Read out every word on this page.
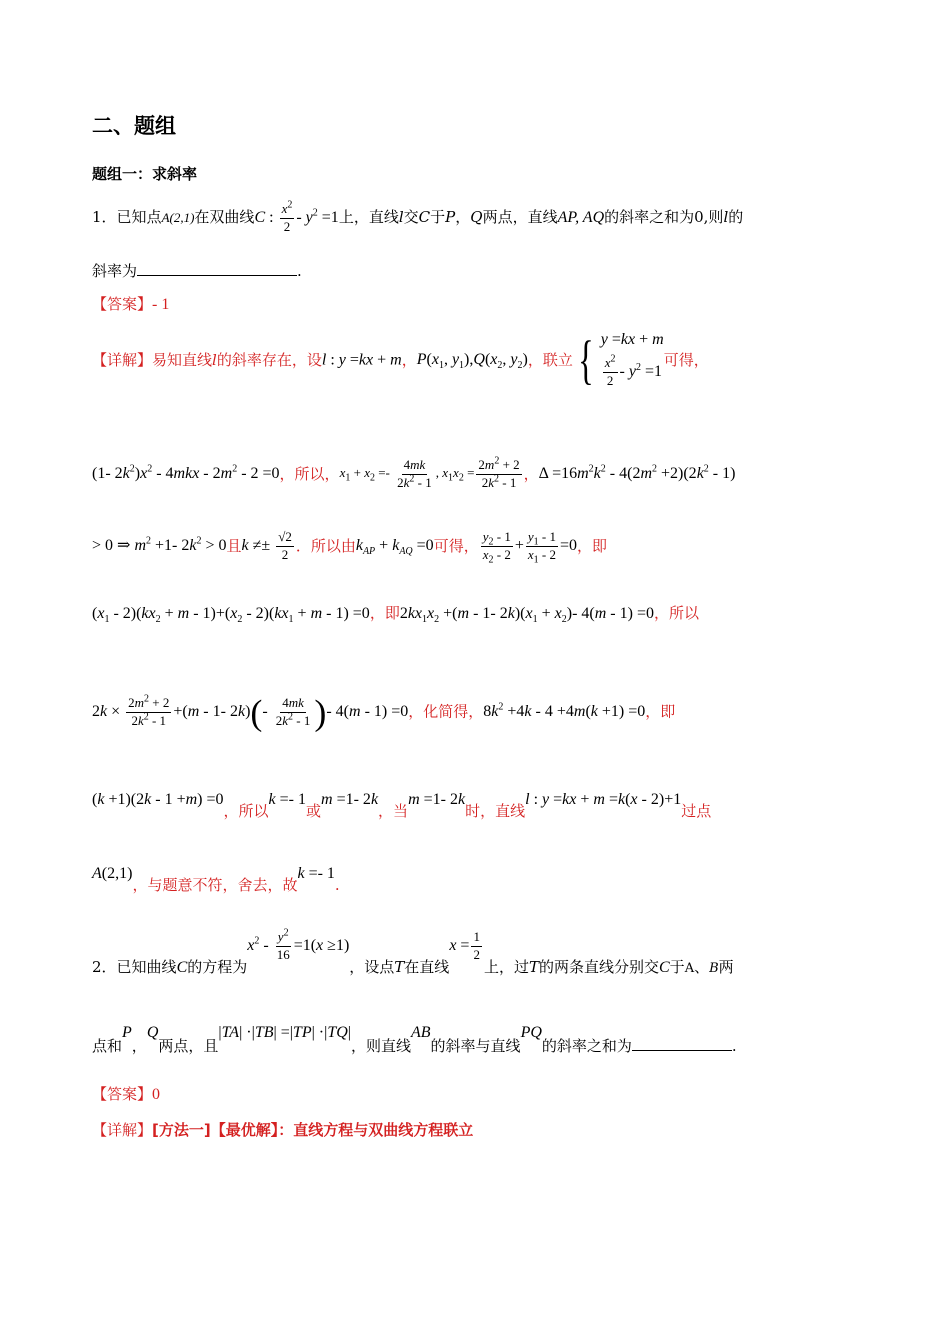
二、题组
题组一：求斜率
1．已知点A(2,1)在双曲线C : $\frac{x^2}{2} - y^2 =1$上，直线l交C于P，Q两点，直线AP, AQ的斜率之和为0,则l的
斜率为	.
【答案】- 1
【详解】易知直线l的斜率存在，设l : y =kx + m，$P(x_1$, $y_1),Q(x_2$, $y_2$)，联立 { y =kx + m
$\frac{x^2}{2} - y^2 =1$
可得，
(1- $2k^2)x^2 - 4mkx - 2m^2 - 2 =0$，所以，$x_1 + x_2 =- \frac{4mk}{2k^2 - 1}$ , $x_1x_2 = \frac{2m^2 + 2}{2k^2 - 1}$ ，$\Delta =16m^2k^2 - 4(2m^2 +2)(2k^2 - 1)$
> 0 ⇒ $m^2 +1-$ $2k^2 > 0$且$k \ne\pm \frac{√2}{2}$ ．所以由$k_{AP} + k_{AQ} =0$可得， $\frac{y_2 - 1}{x_2 - 2} + \frac{y_1 - 1}{x_1 - 2} =0$，即
$(x_1 - 2)(kx_2 + m - 1)+(x_2 - 2)(kx_1 + m - 1) =0$，即$2kx_1x_2 +(m - 1-$ $2k)(x_1 + x_2)-$ 4(m - 1) =0，所以
$2k \times \frac{2m^2 + 2}{2k^2 - 1} +(m - 1-$ $2k)(- \frac{4mk}{2k^2 - 1}$ )- 4(m - 1) =0，化简得，$8k^2 +4k - 4 +4m(k +1) =0$，即
(k +1)(2k - 1 +m) =0，所以k =- 1或m =1- 2k，当m =1- 2k时，直线l : y =kx + m =k(x - 2)+1过点
A(2,1)，与题意不符，舍去，故k =- 1.
2．已知曲线C的方程为$x^2 - \frac{y^2}{16} =1(x \ge 1)$，设点T在直线$x = \frac{1}{2}$
上，过T的两条直线分别交C于A、B两
点和P，Q两点，且|TA| ·|TB| =|TP| ·|TQ|，则直线AB的斜率与直线PQ的斜率之和为	.
【答案】0
【详解】[方法一]【最优解】：直线方程与双曲线方程联立
